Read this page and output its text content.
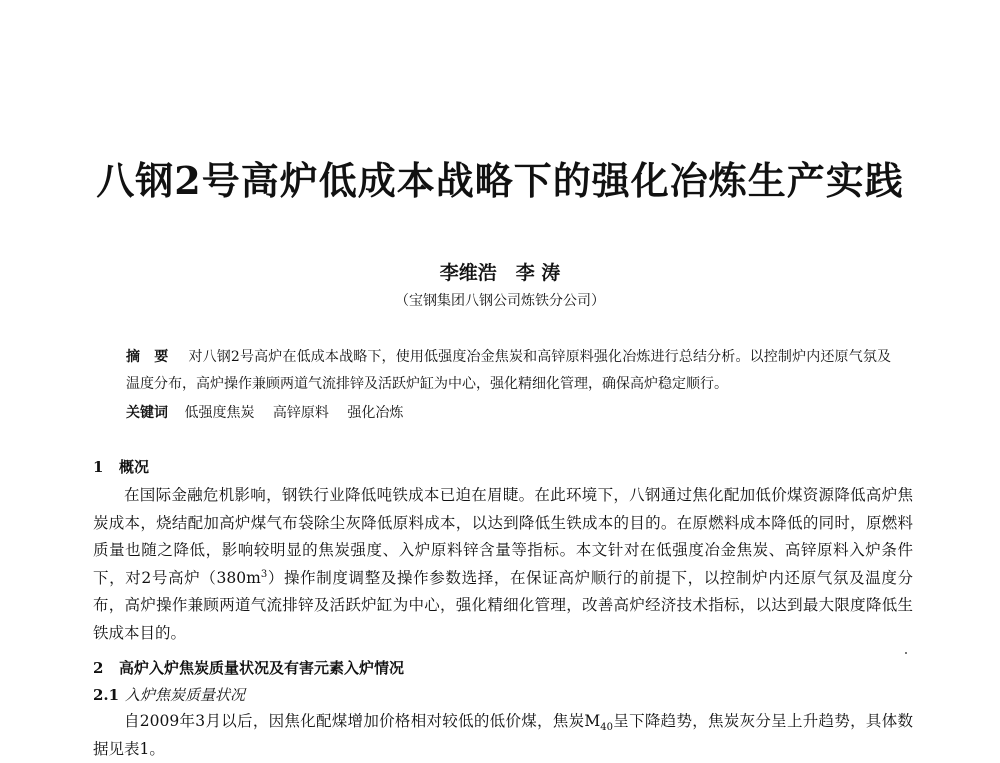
八钢2号高炉低成本战略下的强化冶炼生产实践
李维浩　李 涛
（宝钢集团八钢公司炼铁分公司）
摘　要 对八钢2号高炉在低成本战略下，使用低强度冶金焦炭和高锌原料强化冶炼进行总结分析。以控制炉内还原气氛及温度分布，高炉操作兼顾两道气流排锌及活跃炉缸为中心，强化精细化管理，确保高炉稳定顺行。
关键词 低强度焦炭 高锌原料 强化冶炼
1 概况
在国际金融危机影响，钢铁行业降低吨铁成本已迫在眉睫。在此环境下，八钢通过焦化配加低价煤资源降低高炉焦炭成本，烧结配加高炉煤气布袋除尘灰降低原料成本，以达到降低生铁成本的目的。在原燃料成本降低的同时，原燃料质量也随之降低，影响较明显的焦炭强度、入炉原料锌含量等指标。本文针对在低强度冶金焦炭、高锌原料入炉条件下，对2号高炉$(380m^3)$操作制度调整及操作参数选择，在保证高炉顺行的前提下，以控制炉内还原气氛及温度分布，高炉操作兼顾两道气流排锌及活跃炉缸为中心，强化精细化管理，改善高炉经济技术指标，以达到最大限度降低生铁成本目的。
2 高炉入炉焦炭质量状况及有害元素入炉情况
2.1 入炉焦炭质量状况
自2009年3月以后，因焦化配煤增加价格相对较低的低价煤，焦炭$M_{40}$呈下降趋势，焦炭灰分呈上升趋势，具体数据见表1。
